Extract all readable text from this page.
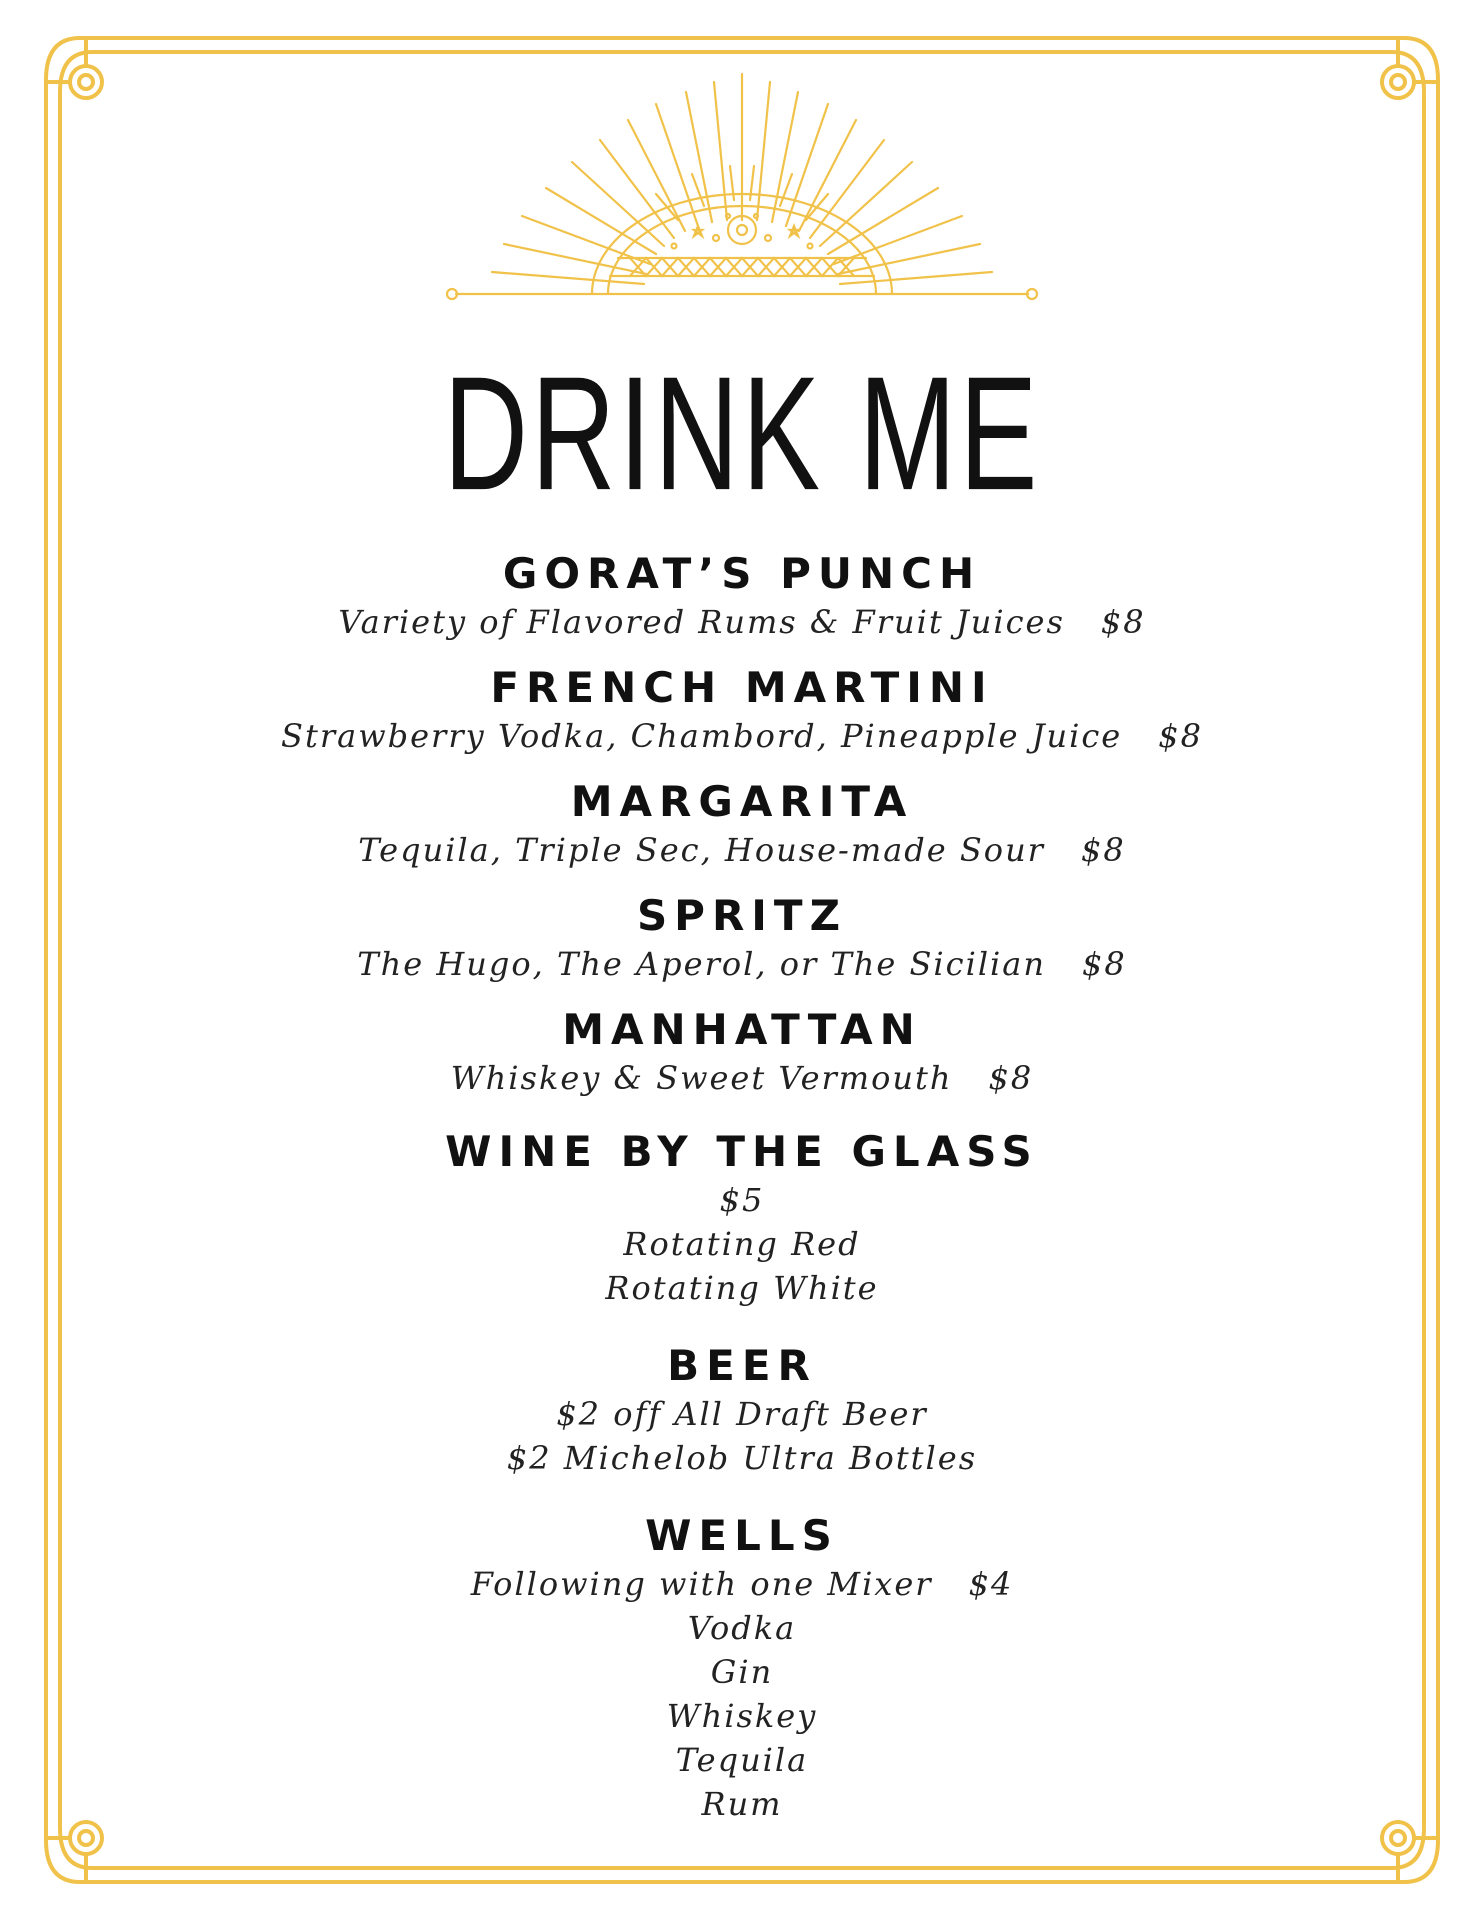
DRINK ME
GORAT’S PUNCH
Variety of Flavored Rums & Fruit Juices $8
FRENCH MARTINI
Strawberry Vodka, Chambord, Pineapple Juice $8
MARGARITA
Tequila, Triple Sec, House-made Sour $8
SPRITZ
The Hugo, The Aperol, or The Sicilian $8
MANHATTAN
Whiskey & Sweet Vermouth $8
WINE BY THE GLASS
$5
Rotating Red
Rotating White
BEER
$2 off All Draft Beer
$2 Michelob Ultra Bottles
WELLS
Following with one Mixer $4
Vodka
Gin
Whiskey
Tequila
Rum
